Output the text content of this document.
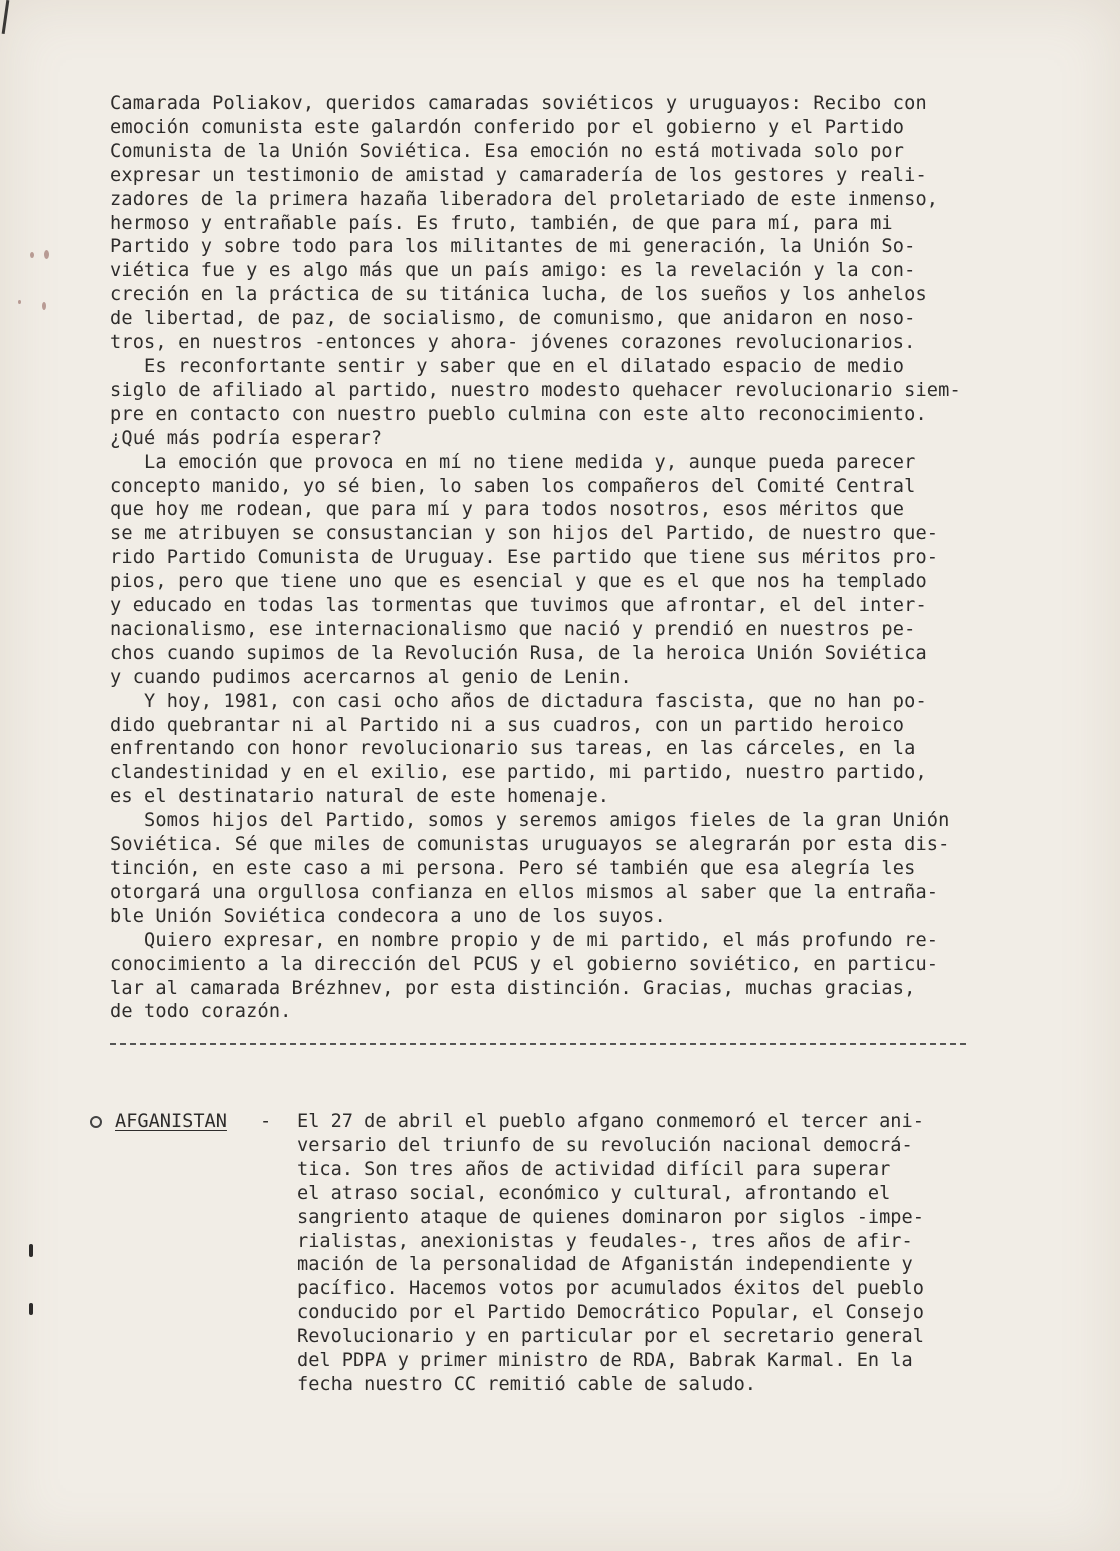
Camarada Poliakov, queridos camaradas soviéticos y uruguayos: Recibo con
emoción comunista este galardón conferido por el gobierno y el Partido
Comunista de la Unión Soviética. Esa emoción no está motivada solo por
expresar un testimonio de amistad y camaradería de los gestores y reali-
zadores de la primera hazaña liberadora del proletariado de este inmenso,
hermoso y entrañable país. Es fruto, también, de que para mí, para mi
Partido y sobre todo para los militantes de mi generación, la Unión So-
viética fue y es algo más que un país amigo: es la revelación y la con-
creción en la práctica de su titánica lucha, de los sueños y los anhelos
de libertad, de paz, de socialismo, de comunismo, que anidaron en noso-
tros, en nuestros -entonces y ahora- jóvenes corazones revolucionarios.
Es reconfortante sentir y saber que en el dilatado espacio de medio
siglo de afiliado al partido, nuestro modesto quehacer revolucionario siem-
pre en contacto con nuestro pueblo culmina con este alto reconocimiento.
¿Qué más podría esperar?
La emoción que provoca en mí no tiene medida y, aunque pueda parecer
concepto manido, yo sé bien, lo saben los compañeros del Comité Central
que hoy me rodean, que para mí y para todos nosotros, esos méritos que
se me atribuyen se consustancian y son hijos del Partido, de nuestro que-
rido Partido Comunista de Uruguay. Ese partido que tiene sus méritos pro-
pios, pero que tiene uno que es esencial y que es el que nos ha templado
y educado en todas las tormentas que tuvimos que afrontar, el del inter-
nacionalismo, ese internacionalismo que nació y prendió en nuestros pe-
chos cuando supimos de la Revolución Rusa, de la heroica Unión Soviética
y cuando pudimos acercarnos al genio de Lenin.
Y hoy, 1981, con casi ocho años de dictadura fascista, que no han po-
dido quebrantar ni al Partido ni a sus cuadros, con un partido heroico
enfrentando con honor revolucionario sus tareas, en las cárceles, en la
clandestinidad y en el exilio, ese partido, mi partido, nuestro partido,
es el destinatario natural de este homenaje.
Somos hijos del Partido, somos y seremos amigos fieles de la gran Unión
Soviética. Sé que miles de comunistas uruguayos se alegrarán por esta dis-
tinción, en este caso a mi persona. Pero sé también que esa alegría les
otorgará una orgullosa confianza en ellos mismos al saber que la entraña-
ble Unión Soviética condecora a uno de los suyos.
Quiero expresar, en nombre propio y de mi partido, el más profundo re-
conocimiento a la dirección del PCUS y el gobierno soviético, en particu-
lar al camarada Brézhnev, por esta distinción. Gracias, muchas gracias,
de todo corazón.
AFGANISTAN - El 27 de abril el pueblo afgano conmemoró el tercer ani-
versario del triunfo de su revolución nacional democrá-
tica. Son tres años de actividad difícil para superar
el atraso social, económico y cultural, afrontando el
sangriento ataque de quienes dominaron por siglos -impe-
rialistas, anexionistas y feudales-, tres años de afir-
mación de la personalidad de Afganistán independiente y
pacífico. Hacemos votos por acumulados éxitos del pueblo
conducido por el Partido Democrático Popular, el Consejo
Revolucionario y en particular por el secretario general
del PDPA y primer ministro de RDA, Babrak Karmal. En la
fecha nuestro CC remitió cable de saludo.
